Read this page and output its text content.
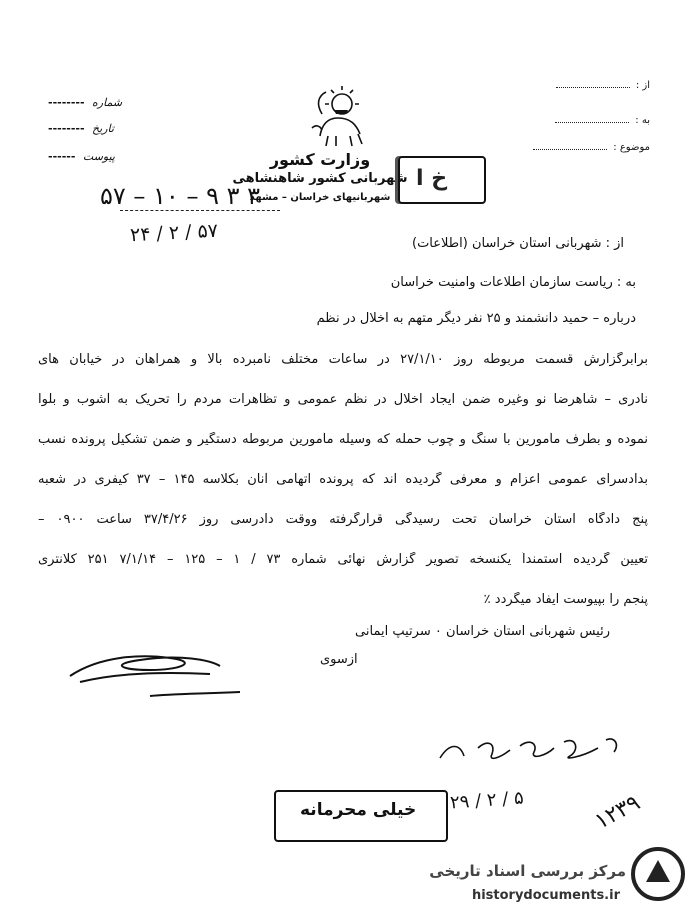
از :
به :
موضوع :
-------- شماره
-------- تاریخ
------ پیوست	وزارت کشور
شهربانی کشور شاهنشاهی
شهربانیهای خراسان – مشهد
خ ا
۵۷ – ۱۰ – ۹ ۳ ۳
۲۴ / ۲ / ۵۷	از : شهربانی استان خراسان (اطلاعات)
به : ریاست سازمان اطلاعات وامنیت خراسان
درباره – حمید دانشمند و ۲۵ نفر دیگر متهم به اخلال در نظم
برابرگزارش قسمت مربوطه روز ۲۷/۱/۱۰ در ساعات مختلف نامبرده بالا و همراهان در خیابان های
نادری – شاهرضا نو وغیره ضمن ایجاد اخلال در نظم عمومی و تظاهرات مردم را تحریک به آشوب و بلوا
نموده و بطرف مأمورین با سنگ و چوب حمله که وسیله مأمورین مربوطه دستگیر و ضمن تشکیل پرونده نسب
بدادسرای عمومی اعزام و معرفی گردیده اند که پرونده اتهامی آنان بکلاسه ۱۴۵ – ۳۷ کیفری در شعبه
پنج دادگاه استان خراسان تحت رسیدگی قرارگرفته ووقت دادرسی روز ۳۷/۴/۲۶ ساعت ۰۹۰۰ –
تعیین گردیده استمنداً یکنسخه تصویر گزارش نهائی شماره ۷۳ / ۱ – ۱۲۵ – ۷/۱/۱۴ ۲۵۱ کلانتری
پنجم را بپیوست ایفاد میگردد ٪
رئیس شهربانی استان خراسان ٠ سرتیپ ایمانی
ازسوی
خیلی محرمانه ۲۹ / ۲ / ۵	۱۲۳۹
مرکز بررسی اسناد تاریخی
historydocuments.ir
